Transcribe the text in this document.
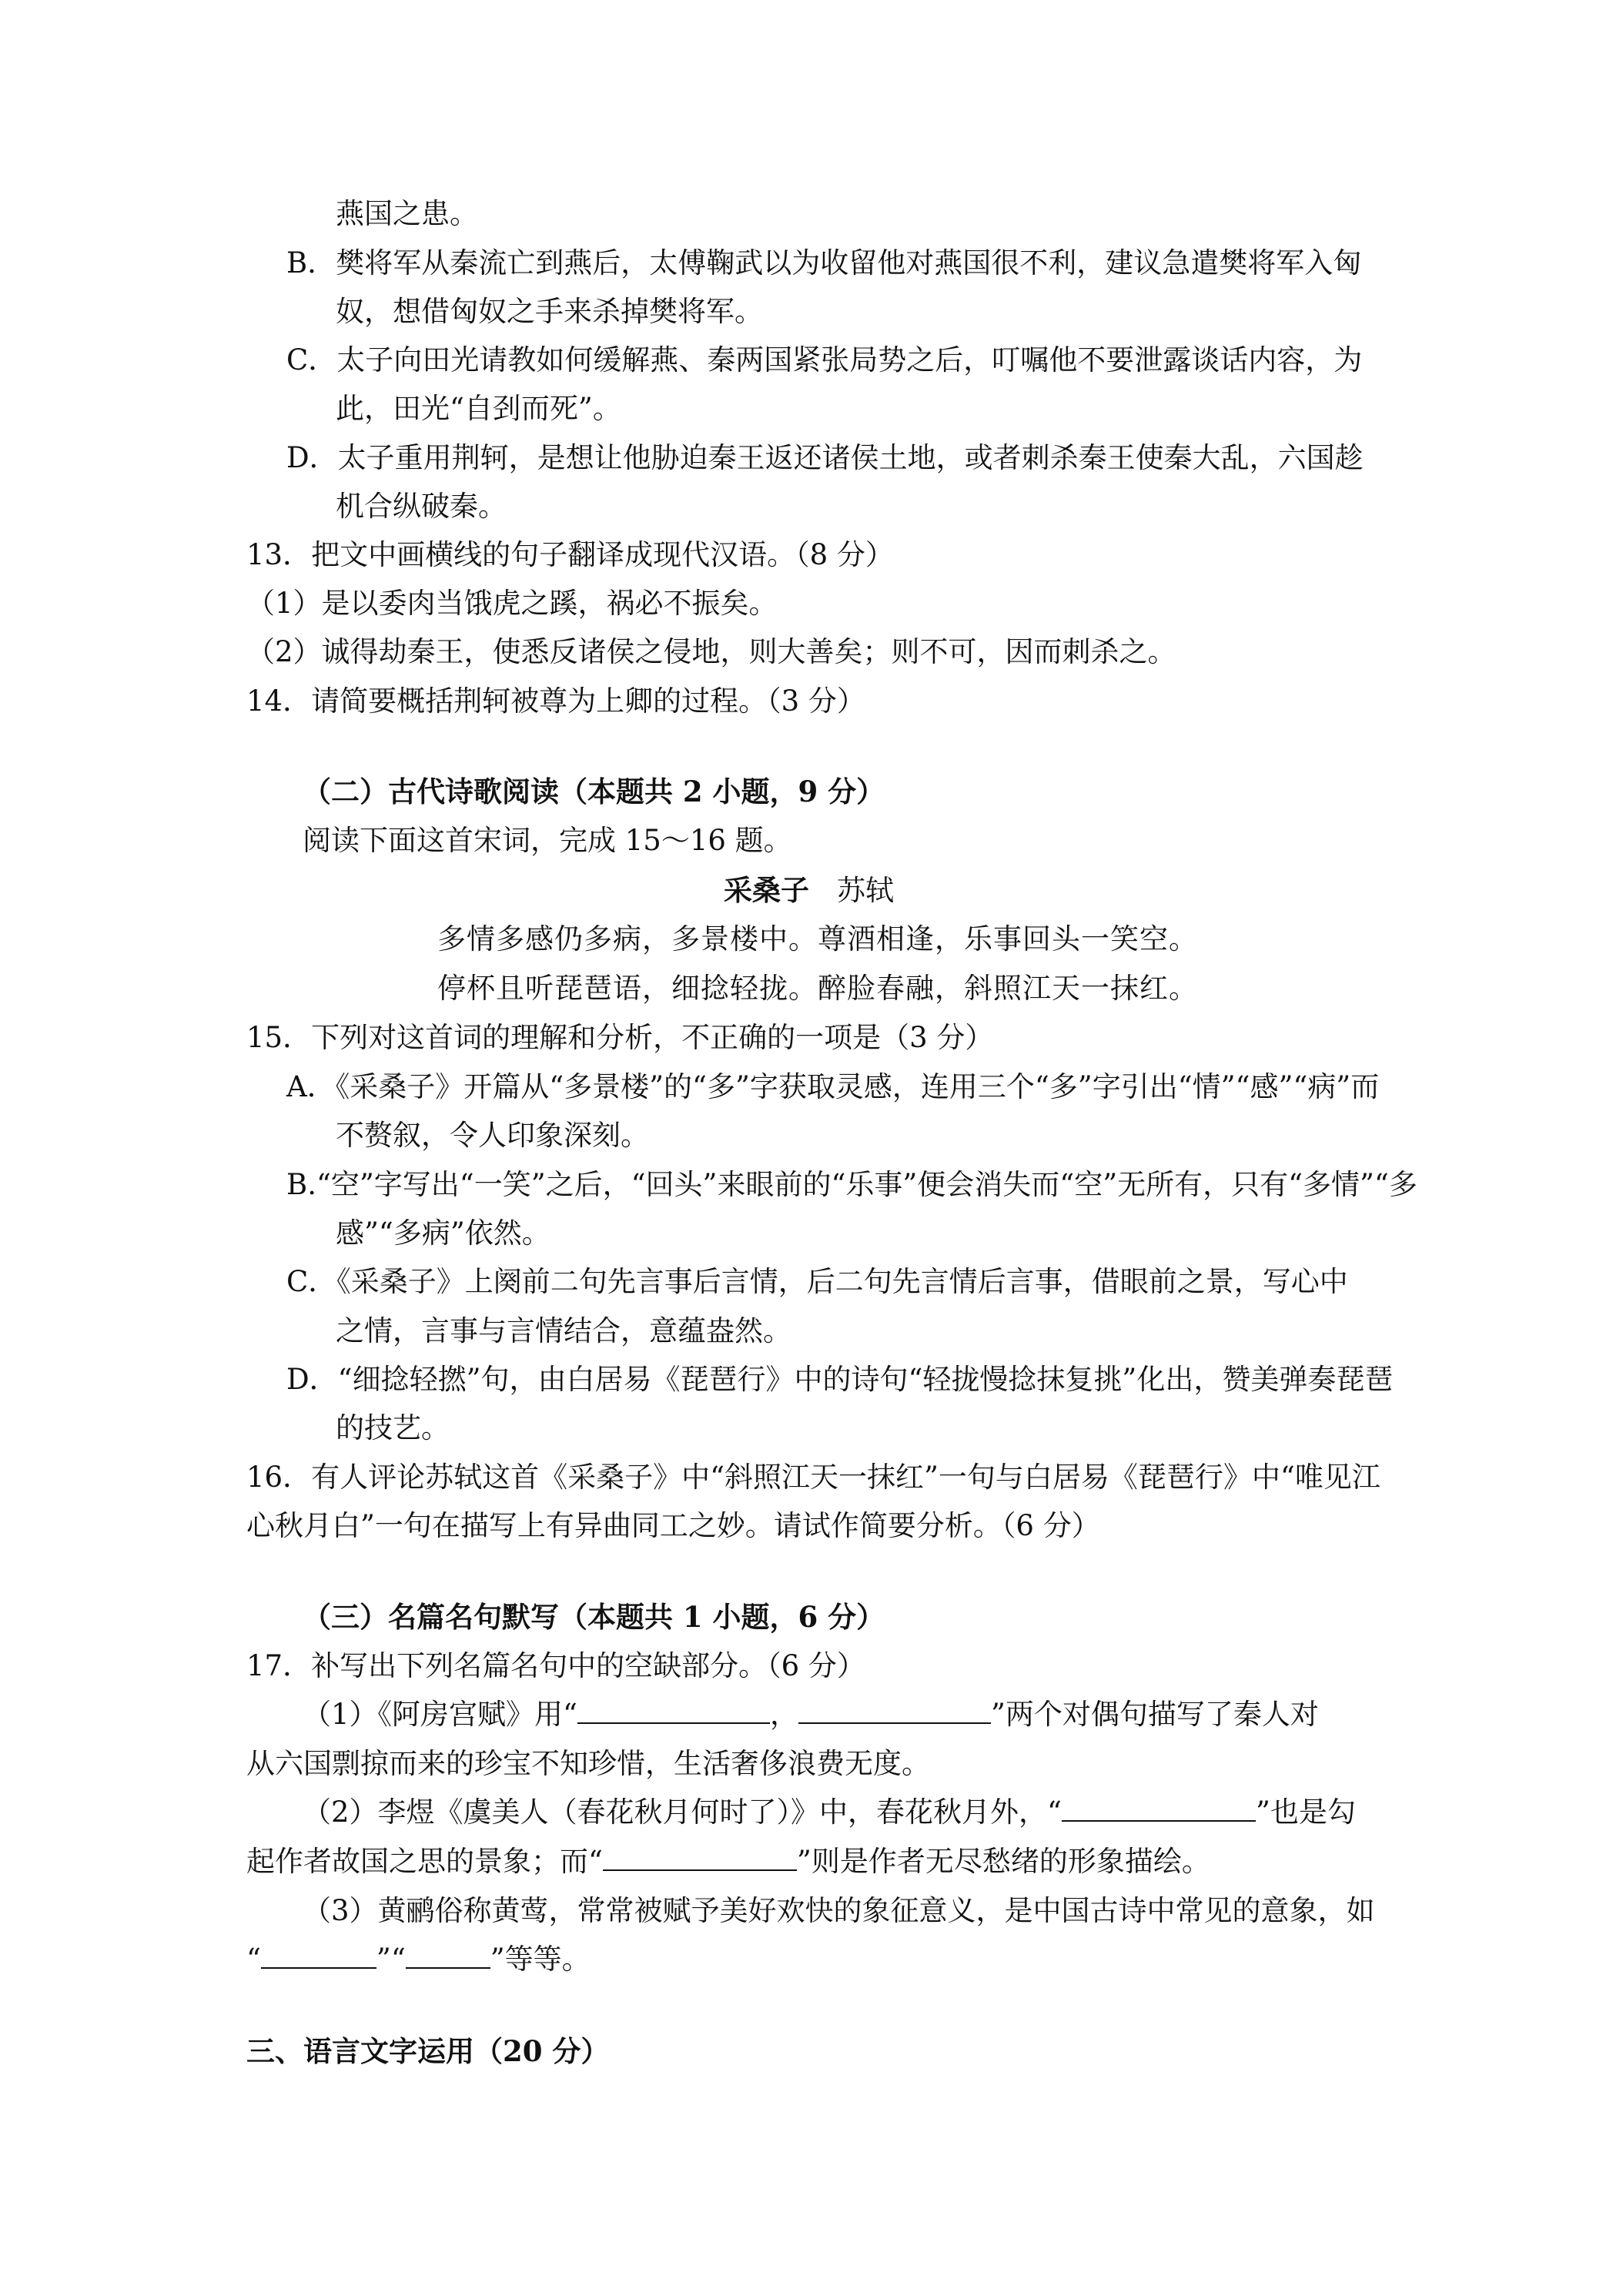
燕国之患。
B．樊将军从秦流亡到燕后，太傅鞠武以为收留他对燕国很不利，建议急遣樊将军入匈
奴，想借匈奴之手来杀掉樊将军。
C．太子向田光请教如何缓解燕、秦两国紧张局势之后，叮嘱他不要泄露谈话内容，为
此，田光“自刭而死”。
D．太子重用荆轲，是想让他胁迫秦王返还诸侯土地，或者刺杀秦王使秦大乱，六国趁
机合纵破秦。
13．把文中画横线的句子翻译成现代汉语。（8 分）
（1）是以委肉当饿虎之蹊，祸必不振矣。
（2）诚得劫秦王，使悉反诸侯之侵地，则大善矣；则不可，因而刺杀之。
14．请简要概括荆轲被尊为上卿的过程。（3 分）
（二）古代诗歌阅读（本题共 2 小题，9 分）
阅读下面这首宋词，完成 15～16 题。
采桑子 苏轼
多情多感仍多病，多景楼中。尊酒相逢，乐事回头一笑空。
停杯且听琵琶语，细捻轻拢。醉脸春融，斜照江天一抹红。
15．下列对这首词的理解和分析，不正确的一项是（3 分）
A．《采桑子》开篇从“多景楼”的“多”字获取灵感，连用三个“多”字引出“情”“感”“病”而
不赘叙，令人印象深刻。
B.“空”字写出“一笑”之后，“回头”来眼前的“乐事”便会消失而“空”无所有，只有“多情”“多
感”“多病”依然。
C．《采桑子》上阕前二句先言事后言情，后二句先言情后言事，借眼前之景，写心中
之情，言事与言情结合，意蕴盎然。
D．“细捻轻撚”句，由白居易《琵琶行》中的诗句“轻拢慢捻抹复挑”化出，赞美弹奏琵琶
的技艺。
16．有人评论苏轼这首《采桑子》中“斜照江天一抹红”一句与白居易《琵琶行》中“唯见江
心秋月白”一句在描写上有异曲同工之妙。请试作简要分析。（6 分）
（三）名篇名句默写（本题共 1 小题，6 分）
17．补写出下列名篇名句中的空缺部分。（6 分）
（1）《阿房宫赋》用“	，	”两个对偶句描写了秦人对
从六国剽掠而来的珍宝不知珍惜，生活奢侈浪费无度。
（2）李煜《虞美人（春花秋月何时了）》中，春花秋月外，“	”也是勾
起作者故国之思的景象；而“	”则是作者无尽愁绪的形象描绘。
（3）黄鹂俗称黄莺，常常被赋予美好欢快的象征意义，是中国古诗中常见的意象，如
“	”“	”等等。
三、语言文字运用（20 分）
